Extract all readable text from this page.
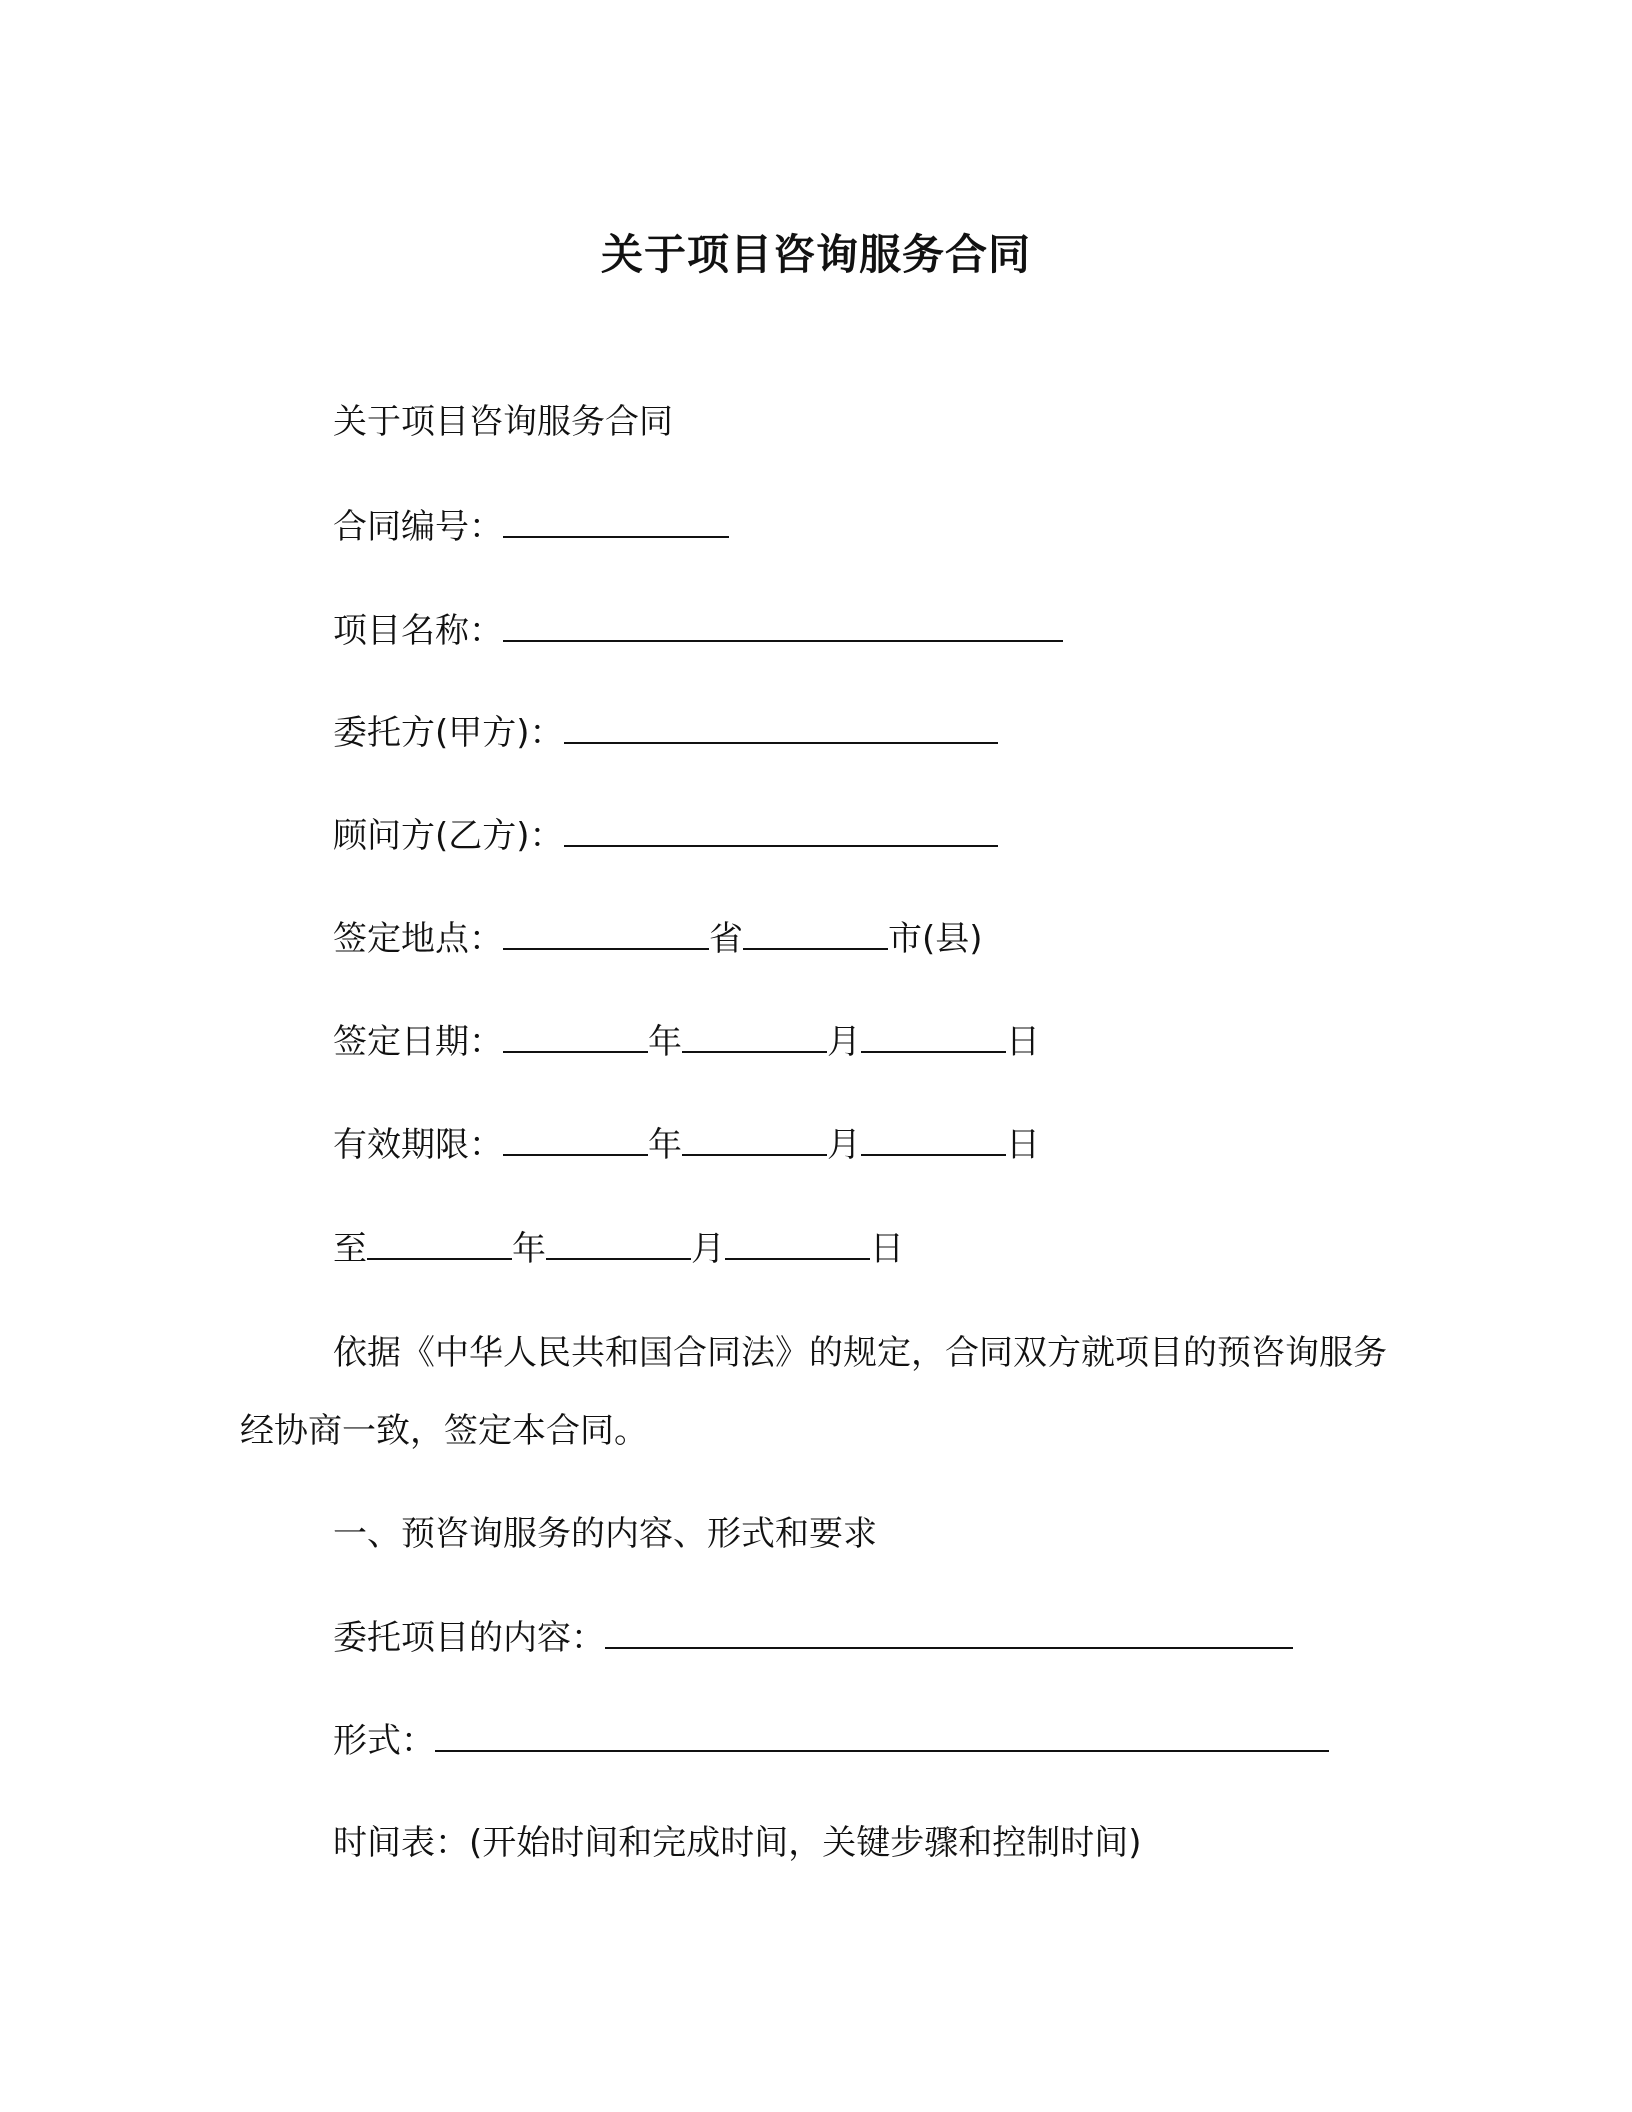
关于项目咨询服务合同
关于项目咨询服务合同
合同编号：
项目名称：
委托方(甲方)：
顾问方(乙方)：
签定地点：	省	市(县)
签定日期：	年	月	日
有效期限：	年	月	日
至	年	月	日
依据《中华人民共和国合同法》的规定，合同双方就项目的预咨询服务经协商一致，签定本合同。
一、预咨询服务的内容、形式和要求
委托项目的内容：
形式：
时间表：(开始时间和完成时间，关键步骤和控制时间)
